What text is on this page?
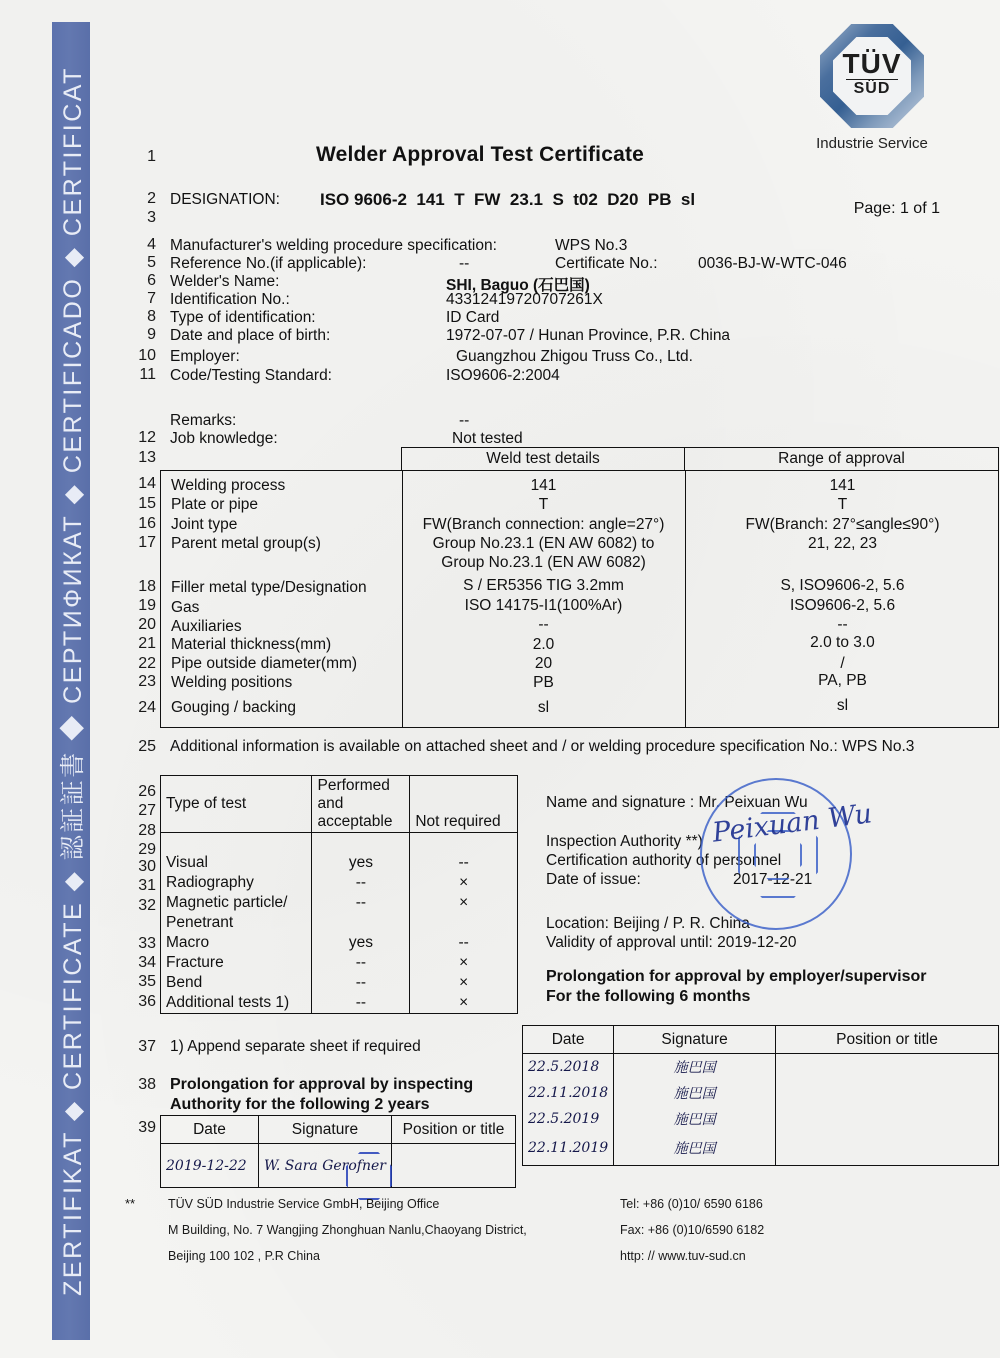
ZERTIFIKAT ◆ CERTIFICATE ◆ 認証証書 ◆ СЕРТИФИКАТ ◆ CERTIFICADO ◆ CERTIFICAT
TÜV
SÜD
Industrie Service
Welder Approval Test Certificate
Page: 1 of 1
DESIGNATION: ISO 9606-2  141  T  FW  23.1  S  t02  D20  PB  sl
Manufacturer's welding procedure specification:	WPS No.3
Reference No.(if applicable):	--	Certificate No.:	0036-BJ-W-WTC-046
Welder's Name:	SHI, Baguo (石巴国)
Identification No.:	43312419720707261X
Type of identification:	ID Card
Date and place of birth:	1972-07-07 / Hunan Province, P.R. China
Employer:	Guangzhou Zhigou Truss Co., Ltd.
Code/Testing Standard:	ISO9606-2:2004
Remarks:	--
Job knowledge:	Not tested
Weld test details	Range of approval
Welding process	141	141
Plate or pipe	T	T
Joint type	FW(Branch connection: angle=27°)	FW(Branch: 27°≤angle≤90°)
Parent metal group(s)	Group No.23.1 (EN AW 6082) to	21, 22, 23
Group No.23.1 (EN AW 6082)
Filler metal type/Designation	S / ER5356 TIG 3.2mm	S, ISO9606-2, 5.6
Gas	ISO 14175-I1(100%Ar)	ISO9606-2, 5.6
Auxiliaries	--	--
Material thickness(mm)	2.0	2.0 to 3.0
Pipe outside diameter(mm)	20	/
Welding positions	PB	PA, PB
Gouging / backing	sl	sl
Additional information is available on attached sheet and / or welding procedure specification No.: WPS No.3
Type of test	Performed
and
acceptable	Not required

Visual	yes	--
Radiography	--	×
Magnetic particle/	--	×
Penetrant		
Macro	yes	--
Fracture	--	×
Bend	--	×
Additional tests 1)	--	×
Name and signature : Mr. Peixuan Wu
Inspection Authority **)
Certification authority of personnel
Date of issue:	2017-12-21
Location: Beijing / P. R. China
Validity of approval until: 2019-12-20
Peixuan Wu
Prolongation for approval by employer/supervisor
For the following 6 months
Date	Signature	Position or title
22.5.2018	施巴国	
22.11.2018	施巴国	
22.5.2019	施巴国	
22.11.2019	施巴国	
1) Append separate sheet if required
Prolongation for approval by inspecting
Authority for the following 2 years
Date	Signature	Position or title
2019-12-22	W. Sara Gerofner	
**	TÜV SÜD Industrie Service GmbH, Beijing Office
M Building, No. 7 Wangjing Zhonghuan Nanlu,Chaoyang District,
Beijing 100 102 , P.R China
Tel: +86 (0)10/ 6590 6186
Fax: +86 (0)10/6590 6182
http: // www.tuv-sud.cn
1
2
3
4
5
6
7
8
9
10
11
12
13
14
15
16
17
18
19
20
21
22
23
24
25
26
27
28
29
30
31
32
33
34
35
36
37
38
39
